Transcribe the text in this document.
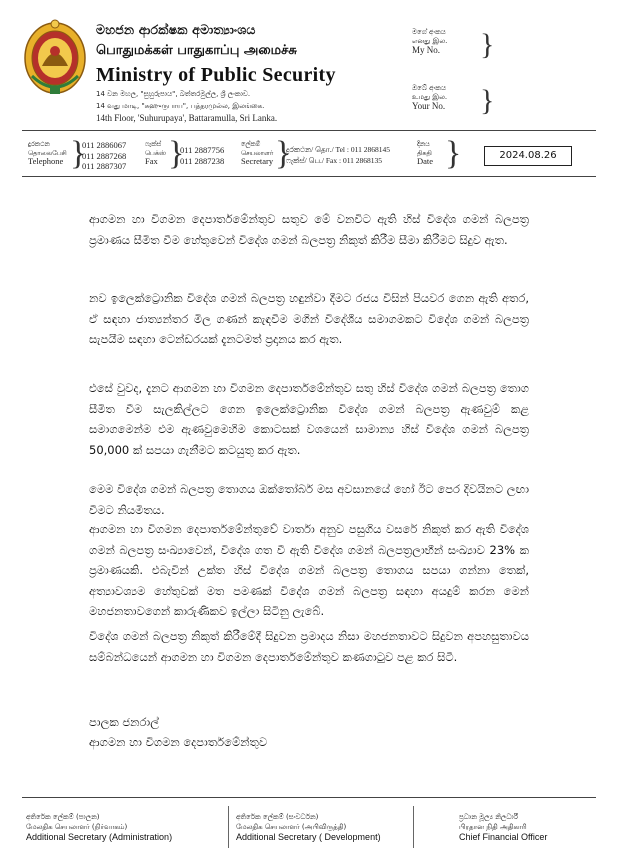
මහජන ආරක්ෂක අමාත්‍යාංශය
பொதுமக்கள் பாதுகாப்பு அமைச்சு
Ministry of Public Security
14 වන මහල, "සුහුරුපාය", බත්තරමුල්ල, ශ්‍රී ලංකාව.
14 வது மாடி, "சுஹுருபாய", பத்தரமுல்ல, இலங்கை.
14th Floor, 'Suhurupaya', Battaramulla, Sri Lanka.
මගේ අංකය
எனது இல.
My No. }
ඔබේ අංකය
உமது இல.
Your No. }
දුරකථන
தொலைபேசி
Telephone }
011 2886067
011 2887268
011 2887307
ෆැක්ස්
பெக்ஸ்
Fax }
011 2887756
011 2887238
ලේකම්
செயலாளர்
Secretary }
දුරකථන/ தொ./ Tel : 011 2868145
ෆැක්ස්/ பெ./ Fax : 011 2868135
දිනය
திகதி
Date }	2024.08.26
ආගමන හා විගමන දෙපාර්තමේන්තුව සතුව මේ වනවිට ඇති හිස් විදේශ ගමන් බලපත්‍ර ප්‍රමාණය සීමිත වීම හේතුවෙන් විදේශ ගමන් බලපත්‍ර නිකුත් කිරීම සීමා කිරීමට සිදුව ඇත.
නව ඉලෙක්ට්‍රොනික විදේශ ගමන් බලපත්‍ර හඳුන්වා දීමට රජය විසින් පියවර ගෙන ඇති අතර, ඒ සඳහා ජාත්‍යන්තර මිල ගණන් කැඳවීම මගින් විදේශීය සමාගමකට විදේශ ගමන් බලපත්‍ර සැපයීම සඳහා ටෙන්ඩරයක් දැනටමත් ප්‍රදානය කර ඇත.
එසේ වුවද, දැනට ආගමන හා විගමන දෙපාර්තමේන්තුව සතු හිස් විදේශ ගමන් බලපත්‍ර තොග සීමිත වීම සැලකිල්ලට ගෙන ඉලෙක්ට්‍රොනික විදේශ ගමන් බලපත්‍ර ඇණවුම් කළ සමාගමෙන්ම එම ඇණවුමෙහිම කොටසක් වශයෙන් සාමාන්‍ය හිස් විදේශ ගමන් බලපත්‍ර 50,000 ක් සපයා ගැනීමට කටයුතු කර ඇත.
මෙම විදේශ ගමන් බලපත්‍ර තොගය ඔක්තෝබර් මස අවසානයේ හෝ ඊට පෙර දිවයිනට ලඟා වීමට නියමිතය.
ආගමන හා විගමන දෙපාර්තමේන්තුවේ වාර්තා අනුව පසුගිය වසරේ නිකුත් කර ඇති විදේශ ගමන් බලපත්‍ර සංඛ්‍යාවෙන්, විදේශ ගත වී ඇති විදේශ ගමන් බලපත්‍රලාභීන් සංඛ්‍යාව 23% ක ප්‍රමාණයකි. එබැවින් උක්ත හිස් විදේශ ගමන් බලපත්‍ර තොගය සපයා ගන්නා තෙක්, අත්‍යාවශ්‍යම හේතුවක් මත පමණක් විදේශ ගමන් බලපත්‍ර සඳහා අයදුම් කරන මෙන් මහජනතාවගෙන් කාරුණිකව ඉල්ලා සිටිනු ලැබේ.
විදේශ ගමන් බලපත්‍ර නිකුත් කිරීමේදී සිදුවන ප්‍රමාදය නිසා මහජනතාවට සිදුවන අපහසුතාවය සම්බන්ධයෙන් ආගමන හා විගමන දෙපාර්තමේන්තුව කණගාටුව පළ කර සිටී.
පාලක ජනරාල්
ආගමන හා විගමන දෙපාර්තමේන්තුව
අතිරේක ලේකම් (පාලන)
மேலதிக செயலாளர் (நிர்வாகம்)
Additional Secretary (Administration)
අතිරේක ලේකම් (සංවර්ධන)
மேலதிக செயலாளர் (அபிவிருத்தி)
Additional Secretary ( Development)
ප්‍රධාන මූල්‍ය නිලධාරී
பிரதான நிதி அதிகாரி
Chief Financial Officer
